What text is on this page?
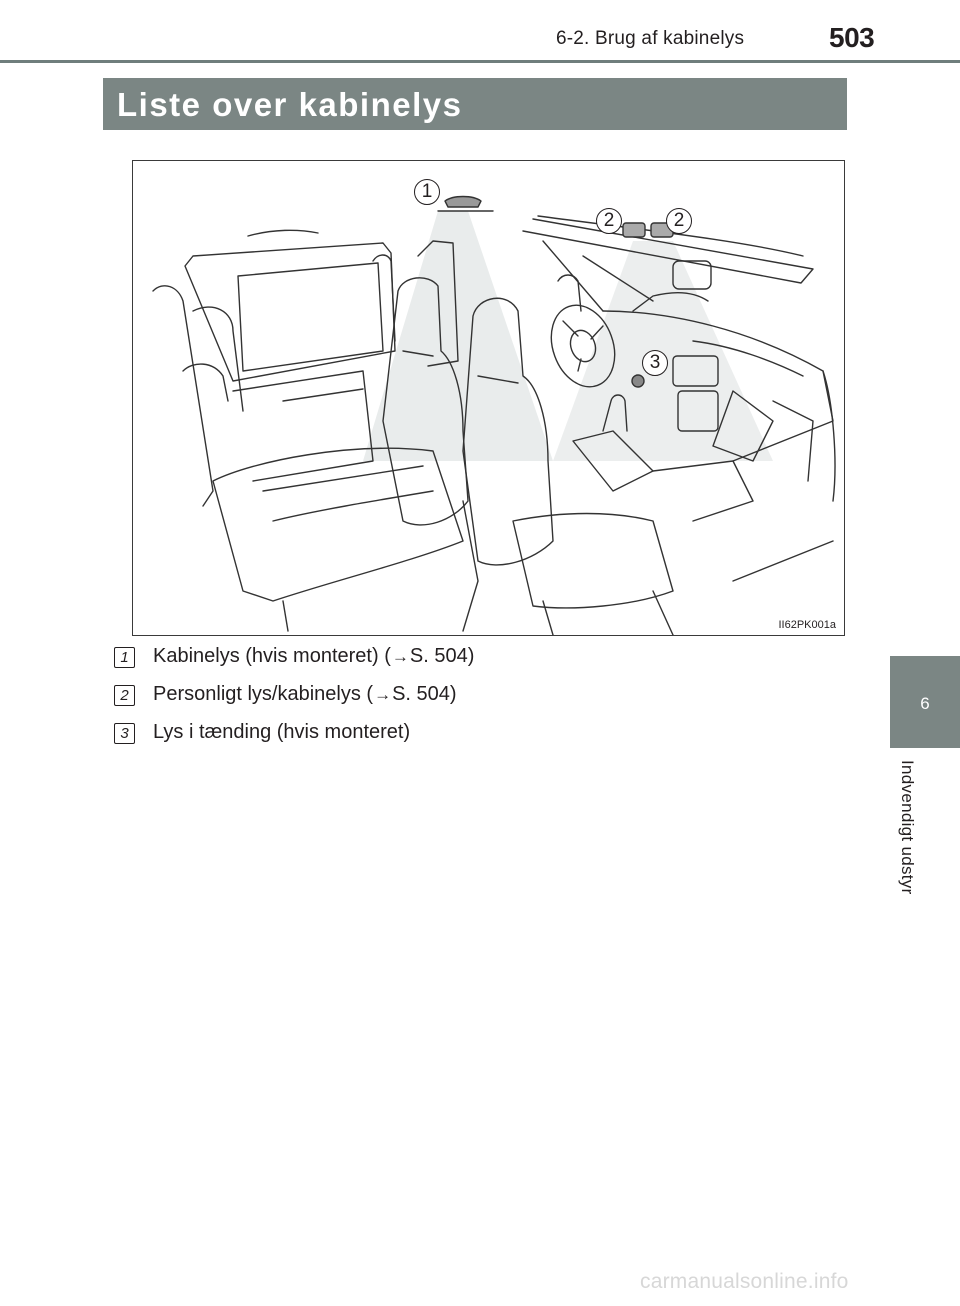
6-2. Brug af kabinelys	503
Liste over kabinelys
1
2	2
3
II62PK001a
1	Kabinelys (hvis monteret) (→S. 504)
2	Personligt lys/kabinelys (→S. 504)
3	Lys i tænding (hvis monteret)
6
Indvendigt udstyr
carmanualsonline.info
